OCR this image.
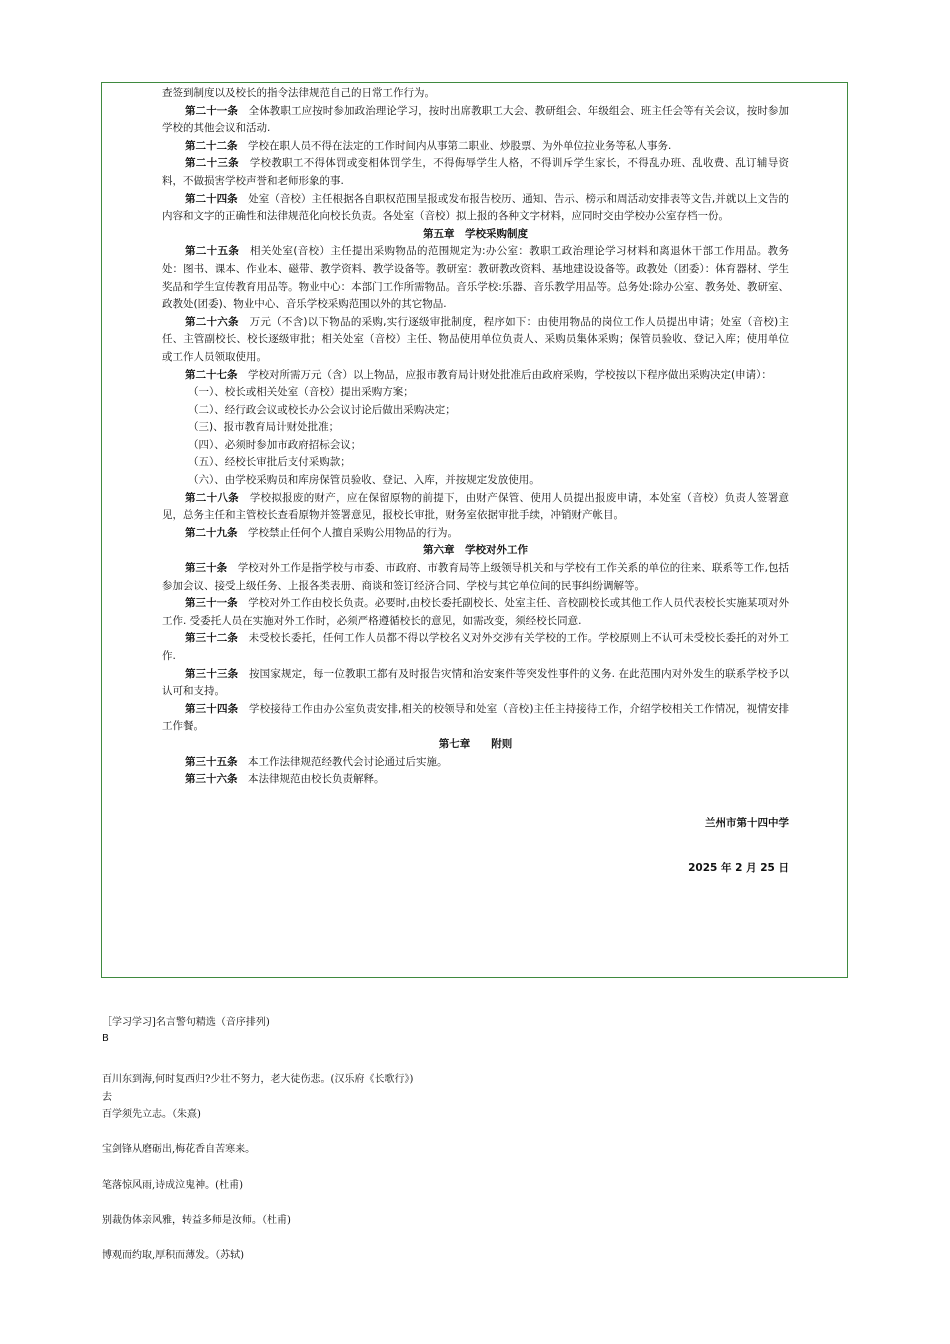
查签到制度以及校长的指令法律规范自己的日常工作行为。

第二十一条　 全体教职工应按时参加政治理论学习，按时出席教职工大会、教研组会、年级组会、班主任会等有关会议，按时参加学校的其他会议和活动.

第二十二条　 学校在职人员不得在法定的工作时间内从事第二职业、炒股票、为外单位拉业务等私人事务.

第二十三条　 学校教职工不得体罚或变相体罚学生，不得侮辱学生人格，不得训斥学生家长，不得乱办班、乱收费、乱订辅导资料，不做损害学校声誉和老师形象的事.

第二十四条　 处室（音校）主任根据各自职权范围呈报或发布报告校历、通知、告示、榜示和周活动安排表等文告,并就以上文告的内容和文字的正确性和法律规范化向校长负责。各处室（音校）拟上报的各种文字材料，应同时交由学校办公室存档一份。

第五章　学校采购制度

第二十五条　 相关处室(音校）主任提出采购物品的范围规定为:办公室：教职工政治理论学习材料和离退休干部工作用品。教务处：图书、课本、作业本、磁带、教学资料、教学设备等。教研室：教研教改资料、基地建设设备等。政教处（团委）：体育器材、学生奖品和学生宣传教育用品等。物业中心：本部门工作所需物品。音乐学校:乐器、音乐教学用品等。总务处:除办公室、教务处、教研室、政教处(团委)、物业中心、音乐学校采购范围以外的其它物品.

第二十六条　 万元（不含)以下物品的采购,实行逐级审批制度，程序如下：由使用物品的岗位工作人员提出申请；处室（音校)主任、主管副校长、校长逐级审批；相关处室（音校）主任、物品使用单位负责人、采购员集体采购；保管员验收、登记入库；使用单位或工作人员领取使用。

第二十七条　 学校对所需万元（含）以上物品，应报市教育局计财处批准后由政府采购，学校按以下程序做出采购决定(申请）：

（一）、校长或相关处室（音校）提出采购方案；
（二）、经行政会议或校长办公会议讨论后做出采购决定；
（三)、报市教育局计财处批准；
（四）、必须时参加市政府招标会议；
（五）、经校长审批后支付采购款；
（六）、由学校采购员和库房保管员验收、登记、入库，并按规定发放使用。

第二十八条　 学校拟报废的财产，应在保留原物的前提下，由财产保管、使用人员提出报废申请，本处室（音校）负责人签署意见，总务主任和主管校长查看原物并签署意见，报校长审批，财务室依据审批手续，冲销财产帐目。

第二十九条　 学校禁止任何个人擅自采购公用物品的行为。

第六章　学校对外工作

第三十条　 学校对外工作是指学校与市委、市政府、市教育局等上级领导机关和与学校有工作关系的单位的往来、联系等工作,包括参加会议、接受上级任务、上报各类表册、商谈和签订经济合同、学校与其它单位间的民事纠纷调解等。

第三十一条　 学校对外工作由校长负责。必要时,由校长委托副校长、处室主任、音校副校长或其他工作人员代表校长实施某项对外工作. 受委托人员在实施对外工作时，必须严格遵循校长的意见，如需改变，须经校长同意.

第三十二条　 未受校长委托，任何工作人员都不得以学校名义对外交涉有关学校的工作。学校原则上不认可未受校长委托的对外工作.

第三十三条　 按国家规定，每一位教职工都有及时报告灾情和治安案件等突发性事件的义务. 在此范围内对外发生的联系学校予以认可和支持。

第三十四条　 学校接待工作由办公室负责安排,相关的校领导和处室（音校)主任主持接待工作，介绍学校相关工作情况，视情安排工作餐。

第七章　　附则

第三十五条　 本工作法律规范经教代会讨论通过后实施。

第三十六条　 本法律规范由校长负责解释。

兰州市第十四中学

2025 年 2 月 25 日

［学习学习]名言警句精选（音序排列)
B
百川东到海,何时复西归?少壮不努力，老大徒伤悲。(汉乐府《长歌行》)
去
百学须先立志。（朱熹)
宝剑锋从磨砺出,梅花香自苦寒来。
笔落惊风雨,诗成泣鬼神。(杜甫)
别裁伪体亲风雅，转益多师是汝师。（杜甫)
博观而约取,厚积而薄发。（苏轼)
